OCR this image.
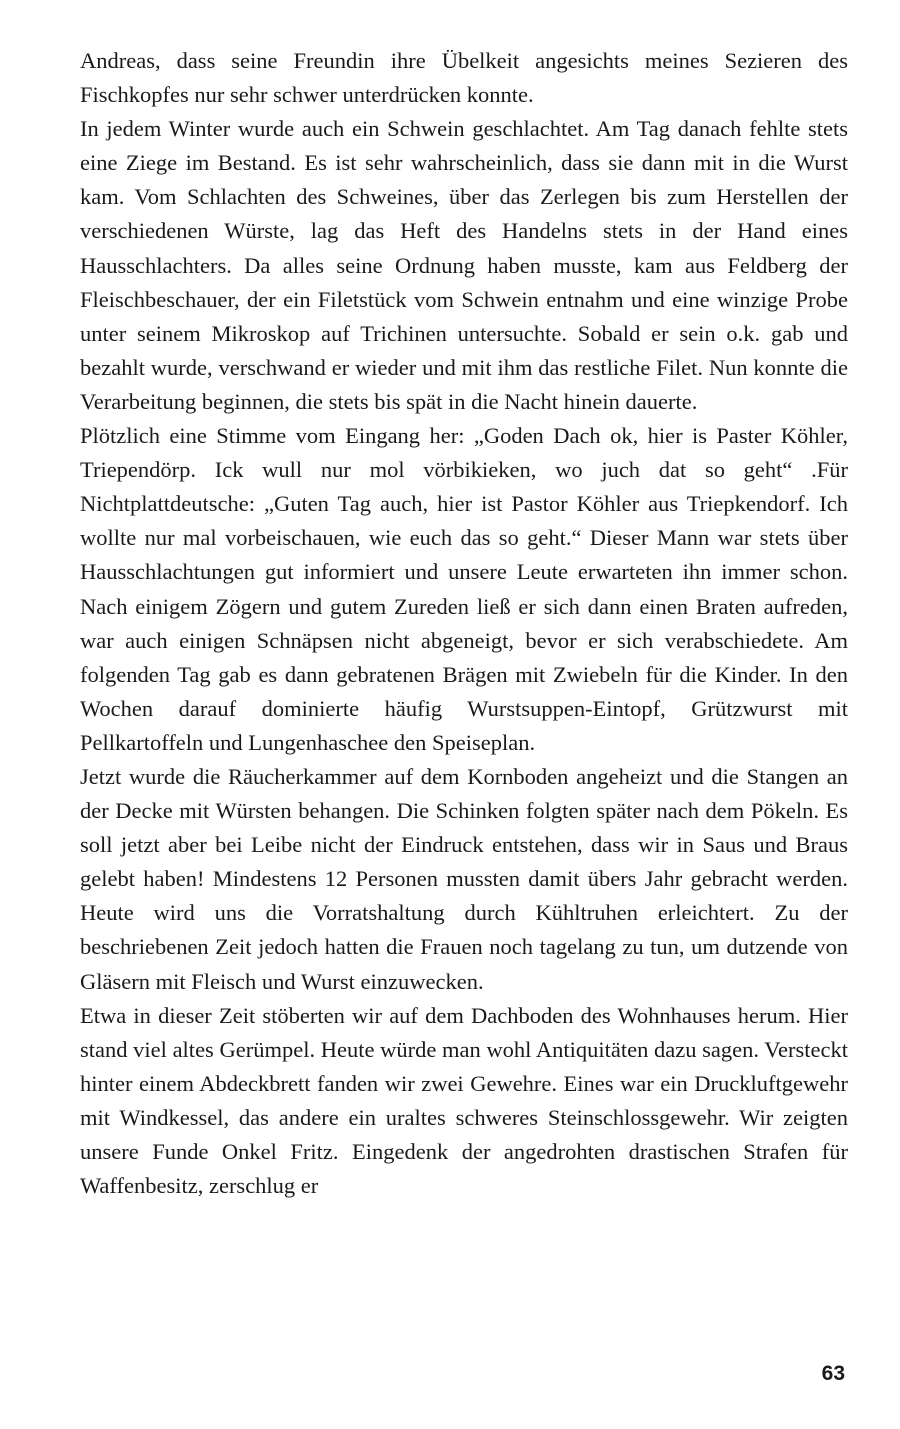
Andreas, dass seine Freundin ihre Übelkeit angesichts meines Sezieren des Fischkopfes nur sehr schwer unterdrücken konnte.

In jedem Winter wurde auch ein Schwein geschlachtet. Am Tag danach fehlte stets eine Ziege im Bestand. Es ist sehr wahrscheinlich, dass sie dann mit in die Wurst kam. Vom Schlachten des Schweines, über das Zerlegen bis zum Herstellen der verschiedenen Würste, lag das Heft des Handelns stets in der Hand eines Hausschlachters. Da alles seine Ordnung haben musste, kam aus Feldberg der Fleischbeschauer, der ein Filetstück vom Schwein entnahm und eine winzige Probe unter seinem Mikroskop auf Trichinen untersuchte. Sobald er sein o.k. gab und bezahlt wurde, verschwand er wieder und mit ihm das restliche Filet. Nun konnte die Verarbeitung beginnen, die stets bis spät in die Nacht hinein dauerte.

Plötzlich eine Stimme vom Eingang her: „Goden Dach ok, hier is Paster Köhler, Triependörp. Ick wull nur mol vörbikieken, wo juch dat so geht“ .Für Nichtplattdeutsche: „Guten Tag auch, hier ist Pastor Köhler aus Triepkendorf. Ich wollte nur mal vorbeischauen, wie euch das so geht.“ Dieser Mann war stets über Hausschlachtungen gut informiert und unsere Leute erwarteten ihn immer schon. Nach einigem Zögern und gutem Zureden ließ er sich dann einen Braten aufreden, war auch einigen Schnäpsen nicht abgeneigt, bevor er sich verabschiedete. Am folgenden Tag gab es dann gebratenen Brägen mit Zwiebeln für die Kinder. In den Wochen darauf dominierte häufig Wurstsuppen-Eintopf, Grützwurst mit Pellkartoffeln und Lungenhaschee den Speiseplan.

Jetzt wurde die Räucherkammer auf dem Kornboden angeheizt und die Stangen an der Decke mit Würsten behangen. Die Schinken folgten später nach dem Pökeln. Es soll jetzt aber bei Leibe nicht der Eindruck entstehen, dass wir in Saus und Braus gelebt haben! Mindestens 12 Personen mussten damit übers Jahr gebracht werden. Heute wird uns die Vorratshaltung durch Kühltruhen erleichtert. Zu der beschriebenen Zeit jedoch hatten die Frauen noch tagelang zu tun, um dutzende von Gläsern mit Fleisch und Wurst einzuwecken.

Etwa in dieser Zeit stöberten wir auf dem Dachboden des Wohnhauses herum. Hier stand viel altes Gerümpel. Heute würde man wohl Antiquitäten dazu sagen. Versteckt hinter einem Abdeckbrett fanden wir zwei Gewehre. Eines war ein Druckluftgewehr mit Windkessel, das andere ein uraltes schweres Steinschlossgewehr. Wir zeigten unsere Funde Onkel Fritz. Eingedenk der angedrohten drastischen Strafen für Waffenbesitz, zerschlug er

63
